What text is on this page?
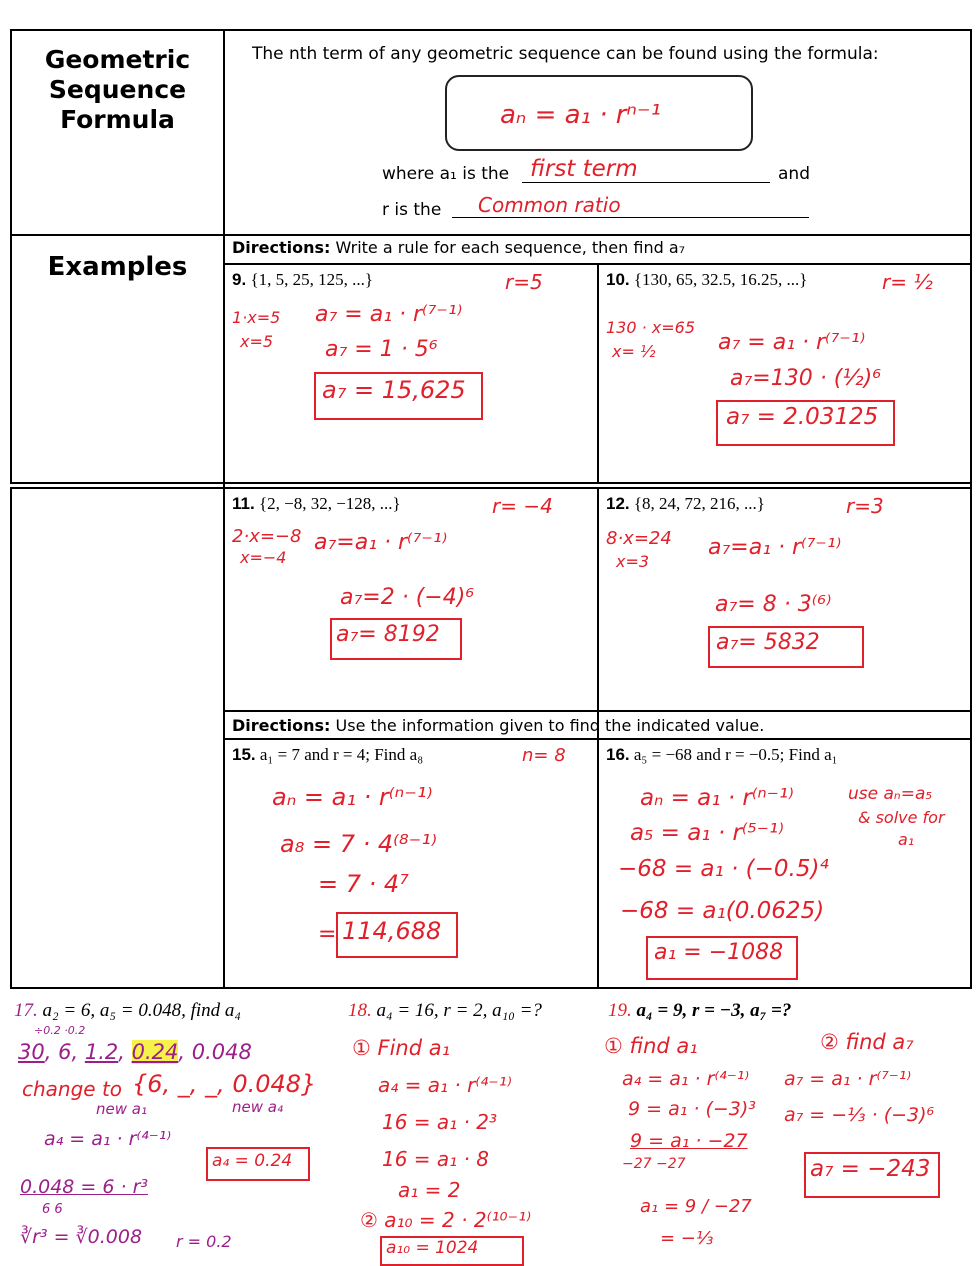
Geometric
Sequence
Formula
The nth term of any geometric sequence can be found using the formula:
aₙ = a₁ · rⁿ⁻¹
where a₁ is the first term	and
r is the Common ratio
Examples
Directions: Write a rule for each sequence, then find a₇
9. {1, 5, 25, 125, ...}	r=5
1·x=5
x=5
a₇ = a₁ · r⁽⁷⁻¹⁾
a₇ = 1 · 5⁶
a₇ = 15,625
10. {130, 65, 32.5, 16.25, ...}	r= ½
130 · x=65
x= ½	a₇ = a₁ · r⁽⁷⁻¹⁾
a₇=130 · (½)⁶
a₇ = 2.03125
11. {2, −8, 32, −128, ...}	r= −4
2·x=−8
x=−4
a₇=a₁ · r⁽⁷⁻¹⁾
a₇=2 · (−4)⁶
a₇= 8192
12. {8, 24, 72, 216, ...}	r=3
8·x=24
x=3
a₇=a₁ · r⁽⁷⁻¹⁾
a₇= 8 · 3⁽⁶⁾
a₇= 5832
Directions: Use the information given to find the indicated value.
15. a₁ = 7 and r = 4; Find a₈	n= 8
aₙ = a₁ · r⁽ⁿ⁻¹⁾
a₈ = 7 · 4⁽⁸⁻¹⁾
= 7 · 4⁷
= 114,688
16. a₅ = −68 and r = −0.5; Find a₁
use aₙ=a₅
& solve for
a₁
aₙ = a₁ · r⁽ⁿ⁻¹⁾
a₅ = a₁ · r⁽⁵⁻¹⁾
−68 = a₁ · (−0.5)⁴
−68 = a₁(0.0625)
a₁ = −1088
17. a₂ = 6, a₅ = 0.048, find a₄
÷0.2 ·0.2
30, 6, 1.2, 0.24, 0.048
change to {6, _, _, 0.048}
new a₁	new a₄
a₄ = a₁ · r⁽⁴⁻¹⁾
a₄ = 0.24
0.048 = 6 · r³
6 6
∛r³ = ∛0.008 r = 0.2
18. a₄ = 16, r = 2, a₁₀ =?
① Find a₁
a₄ = a₁ · r⁽⁴⁻¹⁾
16 = a₁ · 2³
16 = a₁ · 8
a₁ = 2
② a₁₀ = 2 · 2⁽¹⁰⁻¹⁾
a₁₀ = 1024
19. a₄ = 9, r = −3, a₇ =?
① find a₁	② find a₇
a₄ = a₁ · r⁽⁴⁻¹⁾
9 = a₁ · (−3)³
9 = a₁ · −27
−27 −27
a₁ = 9 / −27
= −⅓
a₇ = a₁ · r⁽⁷⁻¹⁾
a₇ = −⅓ · (−3)⁶
a₇ = −243
